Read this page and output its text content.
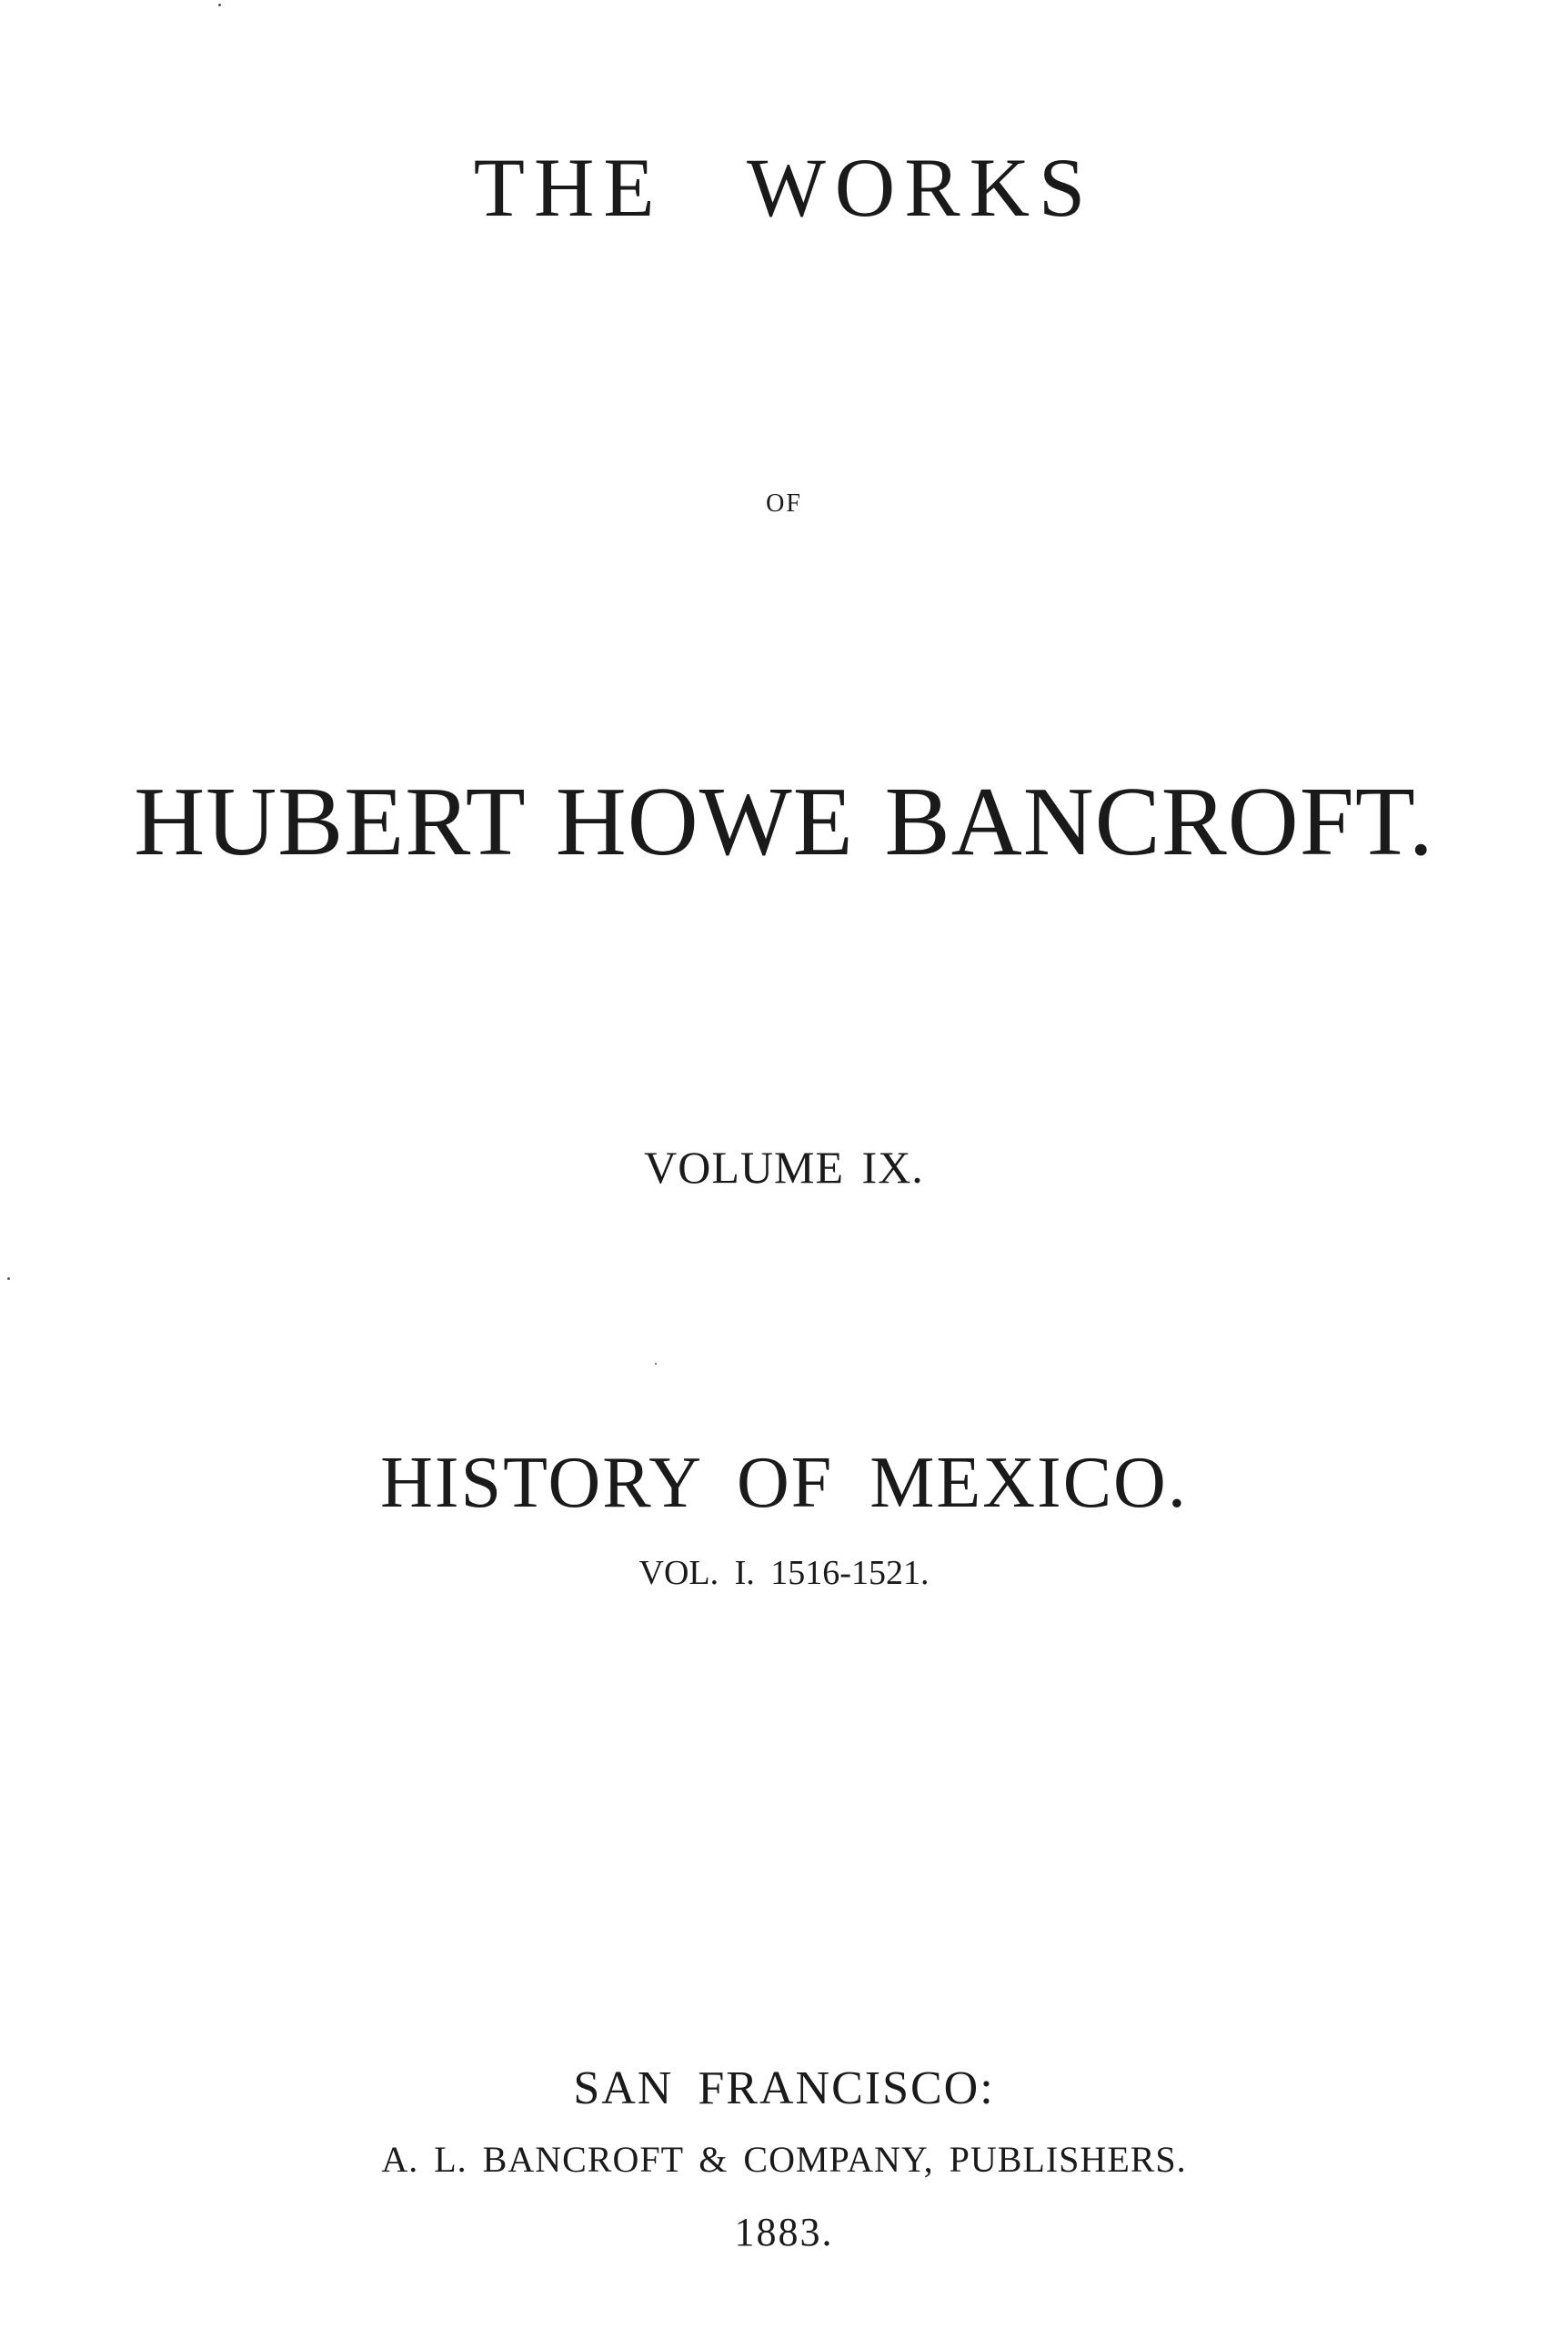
THE WORKS
OF
HUBERT HOWE BANCROFT.
VOLUME IX.
HISTORY OF MEXICO.
VOL. I. 1516-1521.
SAN FRANCISCO:
A. L. BANCROFT & COMPANY, PUBLISHERS.
1883.
